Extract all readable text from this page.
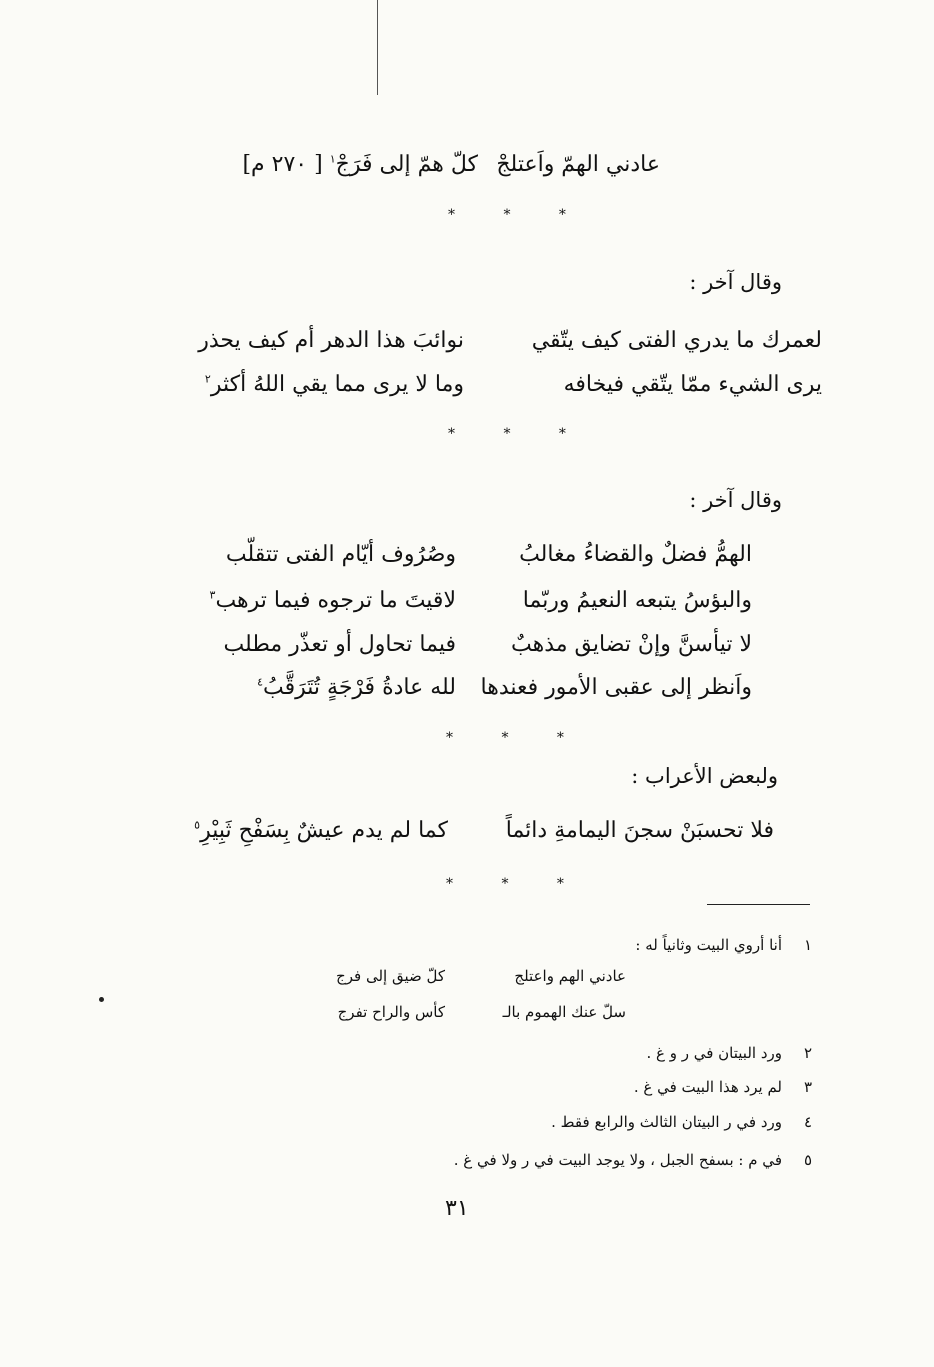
عادني الهمّ واَعتلجْ
كلّ همّ إلى فَرَجْ$^١$ [ ٢٧٠ م]
* * *
وقال آخر :
لعمرك ما يدري الفتى كيف يتّقي
نوائبَ هذا الدهر أم كيف يحذر
يرى الشيء ممّا يتّقي فيخافه
وما لا يرى مما يقي اللهُ أكثر$^٢$
* * *
وقال آخر :
الهمُّ فضلٌ والقضاءُ مغالبُ
وصُرُوف أيّام الفتى تتقلّب
والبؤسُ يتبعه النعيمُ وربّما
لاقيتَ ما ترجوه فيما ترهب$^٣$
لا تيأسنَّ وإنْ تضايق مذهبٌ
فيما تحاول أو تعذّر مطلب
واَنظر إلى عقبى الأمور فعندها
لله عادةُ فَرْجَةٍ تُتَرَقَّبُ$^٤$
* * *
ولبعض الأعراب :
فلا تحسبَنْ سجنَ اليمامةِ دائماً
كما لم يدم عيشٌ بِسَفْحِ ثَبِيْرِ$^٥$
* * *
١أنا أروي البيت وثانياً له :
عادني الهم واعتلج
كلّ ضيق إلى فرج
سلّ عنك الهموم بالـ
كأس والراح تفرج
٢ورد البيتان في ر و غ .
٣لم يرد هذا البيت في غ .
٤ورد في ر البيتان الثالث والرابع فقط .
٥في م : بسفح الجبل ، ولا يوجد البيت في ر ولا في غ .
٣١
